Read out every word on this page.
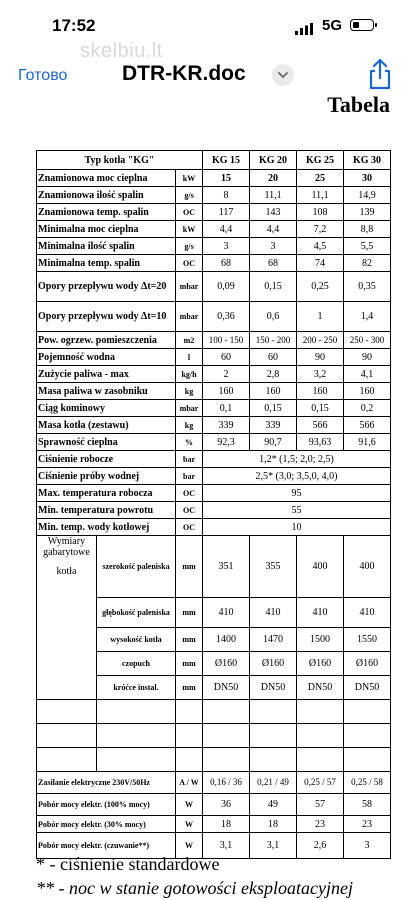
17:52	5G
skelbiu.lt
Готово	DTR-KR.doc
Tabela
Typ kotła "KG"			KG 15	KG 20	KG 25	KG 30
Znamionowa moc cieplna		kW	15	20	25	30
Znamionowa ilość spalin		g/s	8	11,1	11,1	14,9
Znamionowa temp. spalin		OC	117	143	108	139
Minimalna moc cieplna		kW	4,4	4,4	7,2	8,8
Minimalna ilość spalin		g/s	3	3	4,5	5,5
Minimalna temp. spalin		OC	68	68	74	82
Opory przepływu wody Δt=20		mbar	0,09	0,15	0,25	0,35
Opory przepływu wody Δt=10		mbar	0,36	0,6	1	1,4
Pow. ogrzew. pomieszczenia		m2	100 - 150	150 - 200	200 - 250	250 - 300
Pojemność wodna		l	60	60	90	90
Zużycie paliwa - max		kg/h	2	2,8	3,2	4,1
Masa paliwa w zasobniku		kg	160	160	160	160
Ciąg kominowy		mbar	0,1	0,15	0,15	0,2
Masa kotła (zestawu)		kg	339	339	566	566
Sprawność cieplna		%	92,3	90,7	93,63	91,6
Ciśnienie robocze		bar	1,2* (1,5; 2,0; 2,5)			
Ciśnienie próby wodnej		bar	2,5* (3,0; 3,5,0, 4,0)			
Max. temperatura robocza		OC	95			
Min. temperatura powrotu		OC	55			
Min. temp. wody kotłowej		OC	10			

Wymiary
gabarytowe
kotła	szerokość paleniska	mm	351	355	400	400
	głębokość paleniska	mm	410	410	410	410
	wysokość kotła	mm	1400	1470	1500	1550
	czopuch	mm	Ø160	Ø160	Ø160	Ø160
	króćce instal.	mm	DN50	DN50	DN50	DN50

Zasilanie elektryczne 230V/50Hz		A / W	0,16 / 36	0,21 / 49	0,25 / 57	0,25 / 58
Pobór mocy elektr. (100% mocy)		W	36	49	57	58
Pobór mocy elektr. (30% mocy)		W	18	18	23	23
Pobór mocy elektr. (czuwanie**)		W	3,1	3,1	2,6	3
* - ciśnienie standardowe
** - noc w stanie gotowości eksploatacyjnej
